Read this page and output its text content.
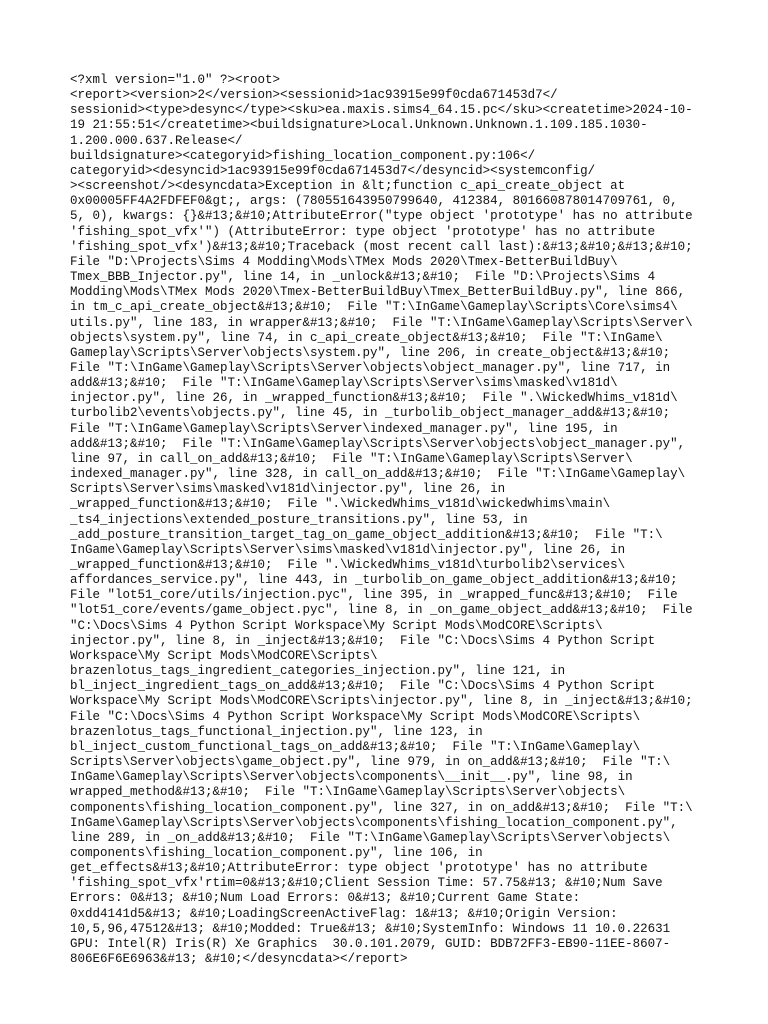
<?xml version="1.0" ?><root>
<report><version>2</version><sessionid>1ac93915e99f0cda671453d7</
sessionid><type>desync</type><sku>ea.maxis.sims4_64.15.pc</sku><createtime>2024-10-
19 21:55:51</createtime><buildsignature>Local.Unknown.Unknown.1.109.185.1030-
1.200.000.637.Release</
buildsignature><categoryid>fishing_location_component.py:106</
categoryid><desyncid>1ac93915e99f0cda671453d7</desyncid><systemconfig/
><screenshot/><desyncdata>Exception in &lt;function c_api_create_object at
0x00005FF4A2FDFEF0&gt;, args: (780551643950799640, 412384, 801660878014709761, 0,
5, 0), kwargs: {}&#13;&#10;AttributeError("type object 'prototype' has no attribute
'fishing_spot_vfx'") (AttributeError: type object 'prototype' has no attribute
'fishing_spot_vfx')&#13;&#10;Traceback (most recent call last):&#13;&#10;&#13;&#10;
File "D:\Projects\Sims 4 Modding\Mods\TMex Mods 2020\Tmex-BetterBuildBuy\
Tmex_BBB_Injector.py", line 14, in _unlock&#13;&#10;  File "D:\Projects\Sims 4
Modding\Mods\TMex Mods 2020\Tmex-BetterBuildBuy\Tmex_BetterBuildBuy.py", line 866,
in tm_c_api_create_object&#13;&#10;  File "T:\InGame\Gameplay\Scripts\Core\sims4\
utils.py", line 183, in wrapper&#13;&#10;  File "T:\InGame\Gameplay\Scripts\Server\
objects\system.py", line 74, in c_api_create_object&#13;&#10;  File "T:\InGame\
Gameplay\Scripts\Server\objects\system.py", line 206, in create_object&#13;&#10;
File "T:\InGame\Gameplay\Scripts\Server\objects\object_manager.py", line 717, in
add&#13;&#10;  File "T:\InGame\Gameplay\Scripts\Server\sims\masked\v181d\
injector.py", line 26, in _wrapped_function&#13;&#10;  File ".\WickedWhims_v181d\
turbolib2\events\objects.py", line 45, in _turbolib_object_manager_add&#13;&#10;
File "T:\InGame\Gameplay\Scripts\Server\indexed_manager.py", line 195, in
add&#13;&#10;  File "T:\InGame\Gameplay\Scripts\Server\objects\object_manager.py",
line 97, in call_on_add&#13;&#10;  File "T:\InGame\Gameplay\Scripts\Server\
indexed_manager.py", line 328, in call_on_add&#13;&#10;  File "T:\InGame\Gameplay\
Scripts\Server\sims\masked\v181d\injector.py", line 26, in
_wrapped_function&#13;&#10;  File ".\WickedWhims_v181d\wickedwhims\main\
_ts4_injections\extended_posture_transitions.py", line 53, in
_add_posture_transition_target_tag_on_game_object_addition&#13;&#10;  File "T:\
InGame\Gameplay\Scripts\Server\sims\masked\v181d\injector.py", line 26, in
_wrapped_function&#13;&#10;  File ".\WickedWhims_v181d\turbolib2\services\
affordances_service.py", line 443, in _turbolib_on_game_object_addition&#13;&#10;
File "lot51_core/utils/injection.pyc", line 395, in _wrapped_func&#13;&#10;  File
"lot51_core/events/game_object.pyc", line 8, in _on_game_object_add&#13;&#10;  File
"C:\Docs\Sims 4 Python Script Workspace\My Script Mods\ModCORE\Scripts\
injector.py", line 8, in _inject&#13;&#10;  File "C:\Docs\Sims 4 Python Script
Workspace\My Script Mods\ModCORE\Scripts\
brazenlotus_tags_ingredient_categories_injection.py", line 121, in
bl_inject_ingredient_tags_on_add&#13;&#10;  File "C:\Docs\Sims 4 Python Script
Workspace\My Script Mods\ModCORE\Scripts\injector.py", line 8, in _inject&#13;&#10;
File "C:\Docs\Sims 4 Python Script Workspace\My Script Mods\ModCORE\Scripts\
brazenlotus_tags_functional_injection.py", line 123, in
bl_inject_custom_functional_tags_on_add&#13;&#10;  File "T:\InGame\Gameplay\
Scripts\Server\objects\game_object.py", line 979, in on_add&#13;&#10;  File "T:\
InGame\Gameplay\Scripts\Server\objects\components\__init__.py", line 98, in
wrapped_method&#13;&#10;  File "T:\InGame\Gameplay\Scripts\Server\objects\
components\fishing_location_component.py", line 327, in on_add&#13;&#10;  File "T:\
InGame\Gameplay\Scripts\Server\objects\components\fishing_location_component.py",
line 289, in _on_add&#13;&#10;  File "T:\InGame\Gameplay\Scripts\Server\objects\
components\fishing_location_component.py", line 106, in
get_effects&#13;&#10;AttributeError: type object 'prototype' has no attribute
'fishing_spot_vfx'rtim=0&#13;&#10;Client Session Time: 57.75&#13; &#10;Num Save
Errors: 0&#13; &#10;Num Load Errors: 0&#13; &#10;Current Game State:
0xdd4141d5&#13; &#10;LoadingScreenActiveFlag: 1&#13; &#10;Origin Version:
10,5,96,47512&#13; &#10;Modded: True&#13; &#10;SystemInfo: Windows 11 10.0.22631
GPU: Intel(R) Iris(R) Xe Graphics  30.0.101.2079, GUID: BDB72FF3-EB90-11EE-8607-
806E6F6E6963&#13; &#10;</desyncdata></report>
